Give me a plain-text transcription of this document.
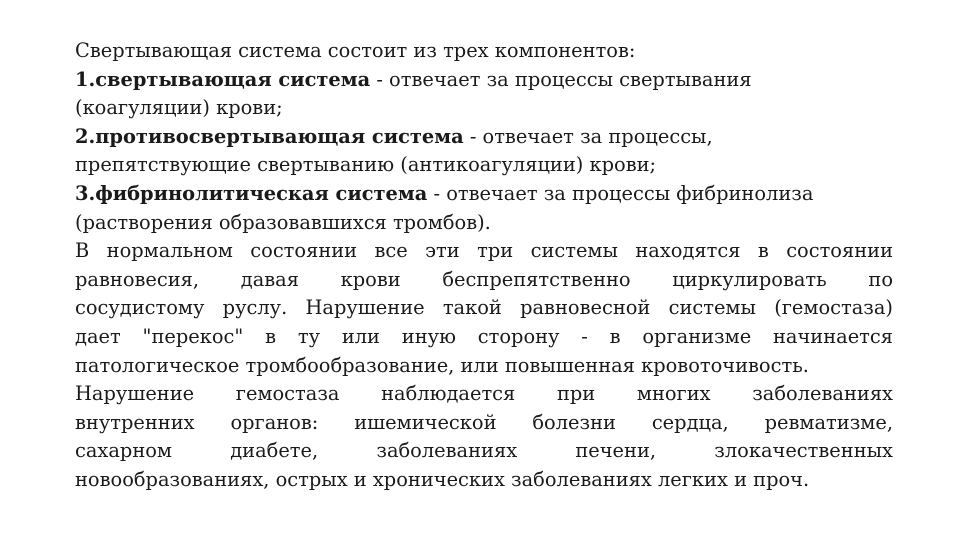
Свертывающая система состоит из трех компонентов:
1.свертывающая система - отвечает за процессы свертывания
(коагуляции) крови;
2.противосвертывающая система - отвечает за процессы,
препятствующие свертыванию (антикоагуляции) крови;
3.фибринолитическая система - отвечает за процессы фибринолиза
(растворения образовавшихся тромбов).
В нормальном состоянии все эти три системы находятся в состоянии
равновесия, давая крови беспрепятственно циркулировать по
сосудистому руслу. Нарушение такой равновесной системы (гемостаза)
дает "перекос" в ту или иную сторону - в организме начинается
патологическое тромбообразование, или повышенная кровоточивость.
Нарушение гемостаза наблюдается при многих заболеваниях
внутренних органов: ишемической болезни сердца, ревматизме,
сахарном диабете, заболеваниях печени, злокачественных
новообразованиях, острых и хронических заболеваниях легких и проч.
